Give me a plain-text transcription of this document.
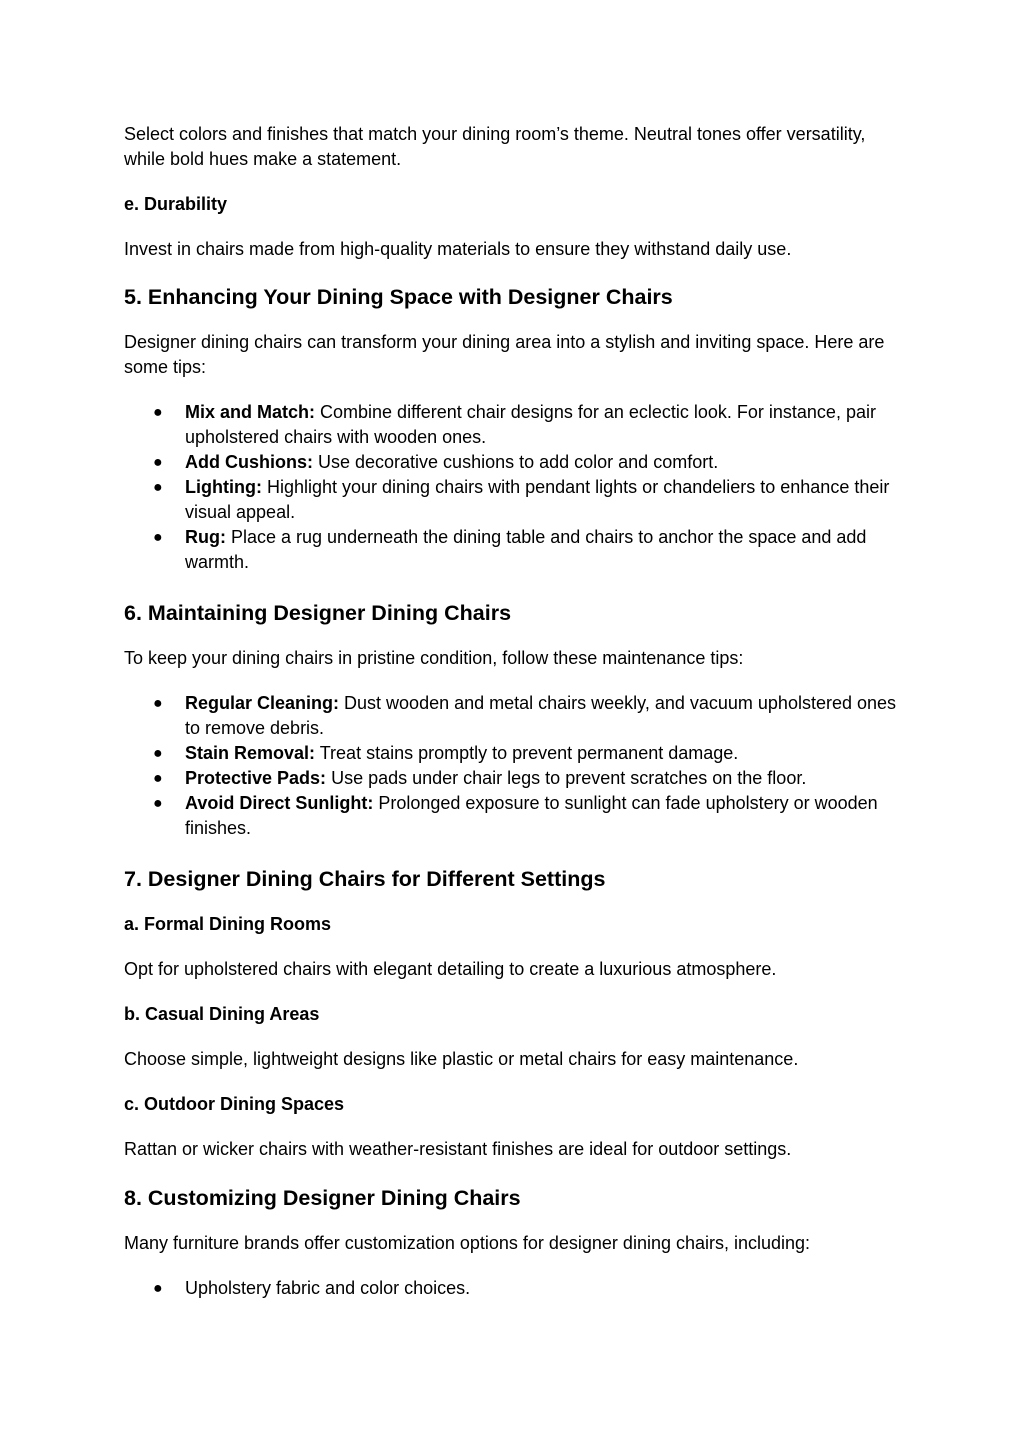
Select colors and finishes that match your dining room’s theme. Neutral tones offer versatility, while bold hues make a statement.

e. Durability

Invest in chairs made from high-quality materials to ensure they withstand daily use.

5. Enhancing Your Dining Space with Designer Chairs

Designer dining chairs can transform your dining area into a stylish and inviting space. Here are some tips:

● Mix and Match: Combine different chair designs for an eclectic look. For instance, pair upholstered chairs with wooden ones.
● Add Cushions: Use decorative cushions to add color and comfort.
● Lighting: Highlight your dining chairs with pendant lights or chandeliers to enhance their visual appeal.
● Rug: Place a rug underneath the dining table and chairs to anchor the space and add warmth.
6. Maintaining Designer Dining Chairs

To keep your dining chairs in pristine condition, follow these maintenance tips:

● Regular Cleaning: Dust wooden and metal chairs weekly, and vacuum upholstered ones to remove debris.
● Stain Removal: Treat stains promptly to prevent permanent damage.
● Protective Pads: Use pads under chair legs to prevent scratches on the floor.
● Avoid Direct Sunlight: Prolonged exposure to sunlight can fade upholstery or wooden finishes.
7. Designer Dining Chairs for Different Settings
a. Formal Dining Rooms

Opt for upholstered chairs with elegant detailing to create a luxurious atmosphere.

b. Casual Dining Areas

Choose simple, lightweight designs like plastic or metal chairs for easy maintenance.

c. Outdoor Dining Spaces

Rattan or wicker chairs with weather-resistant finishes are ideal for outdoor settings.

8. Customizing Designer Dining Chairs

Many furniture brands offer customization options for designer dining chairs, including:

● Upholstery fabric and color choices.
